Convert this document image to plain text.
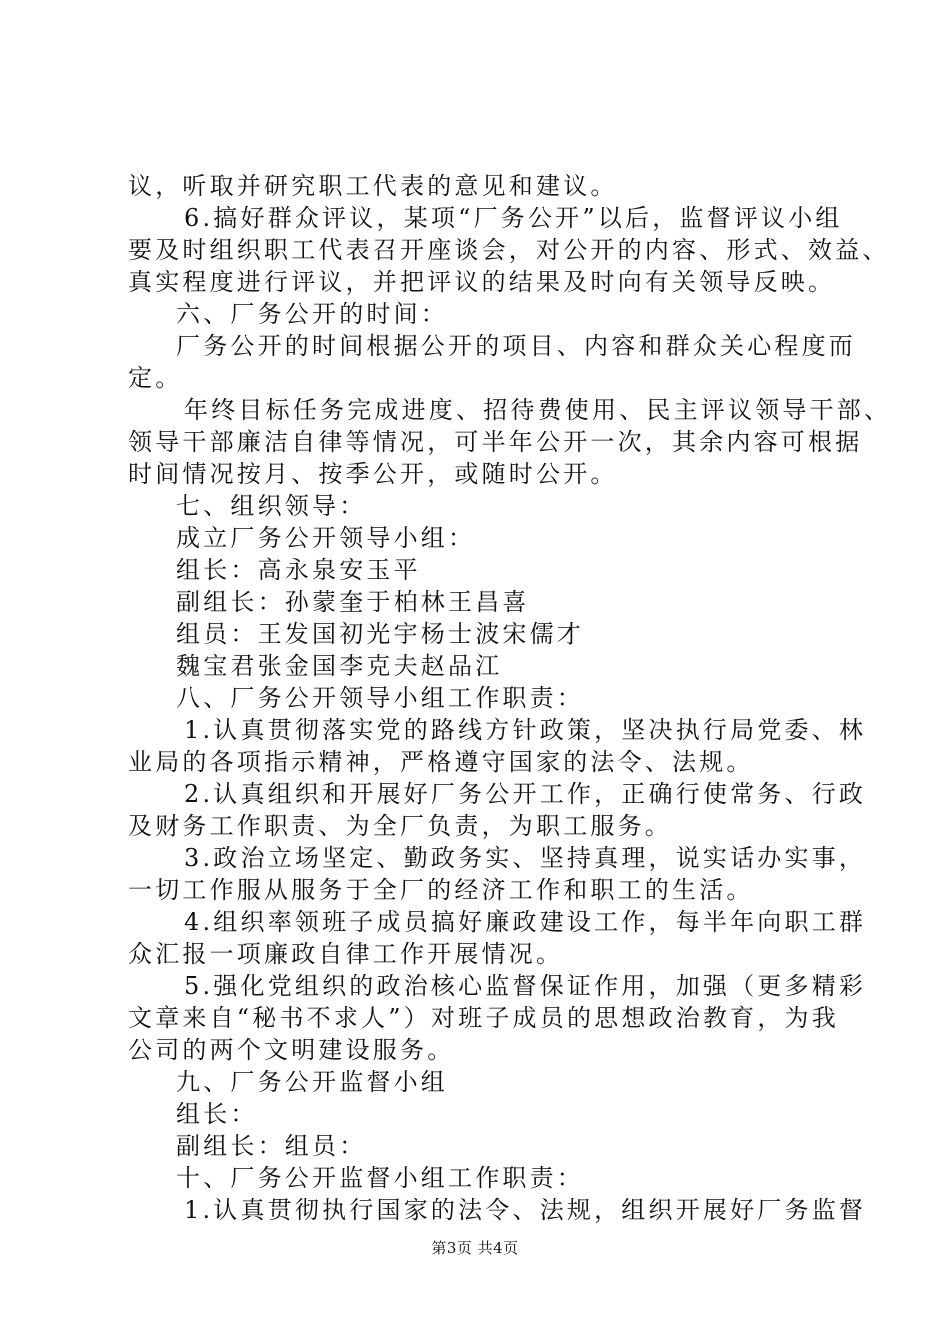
议，听取并研究职工代表的意见和建议。
6.搞好群众评议，某项“厂务公开”以后，监督评议小组
要及时组织职工代表召开座谈会，对公开的内容、形式、效益、
真实程度进行评议，并把评议的结果及时向有关领导反映。
六、厂务公开的时间：
厂务公开的时间根据公开的项目、内容和群众关心程度而
定。
年终目标任务完成进度、招待费使用、民主评议领导干部、
领导干部廉洁自律等情况，可半年公开一次，其余内容可根据
时间情况按月、按季公开，或随时公开。
七、组织领导：
成立厂务公开领导小组：
组长：高永泉安玉平
副组长：孙蒙奎于柏林王昌喜
组员：王发国初光宇杨士波宋儒才
魏宝君张金国李克夫赵品江
八、厂务公开领导小组工作职责：
1.认真贯彻落实党的路线方针政策，坚决执行局党委、林
业局的各项指示精神，严格遵守国家的法令、法规。
2.认真组织和开展好厂务公开工作，正确行使常务、行政
及财务工作职责、为全厂负责，为职工服务。
3.政治立场坚定、勤政务实、坚持真理，说实话办实事，
一切工作服从服务于全厂的经济工作和职工的生活。
4.组织率领班子成员搞好廉政建设工作，每半年向职工群
众汇报一项廉政自律工作开展情况。
5.强化党组织的政治核心监督保证作用，加强（更多精彩
文章来自“秘书不求人”）对班子成员的思想政治教育，为我
公司的两个文明建设服务。
九、厂务公开监督小组
组长：
副组长：组员：
十、厂务公开监督小组工作职责：
1.认真贯彻执行国家的法令、法规，组织开展好厂务监督
第3页 共4页
